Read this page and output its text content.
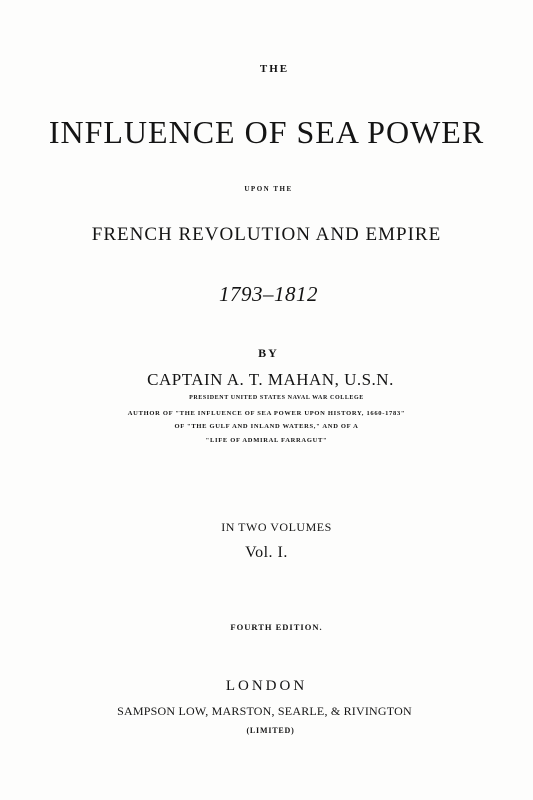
THE
INFLUENCE OF SEA POWER
UPON THE
FRENCH REVOLUTION AND EMPIRE
1793–1812
BY
CAPTAIN A. T. MAHAN, U.S.N.
PRESIDENT UNITED STATES NAVAL WAR COLLEGE
AUTHOR OF "THE INFLUENCE OF SEA POWER UPON HISTORY, 1660-1783"
OF "THE GULF AND INLAND WATERS," AND OF A
"LIFE OF ADMIRAL FARRAGUT"
IN TWO VOLUMES
Vol. I.
FOURTH EDITION.
LONDON
SAMPSON LOW, MARSTON, SEARLE, & RIVINGTON
(LIMITED)
